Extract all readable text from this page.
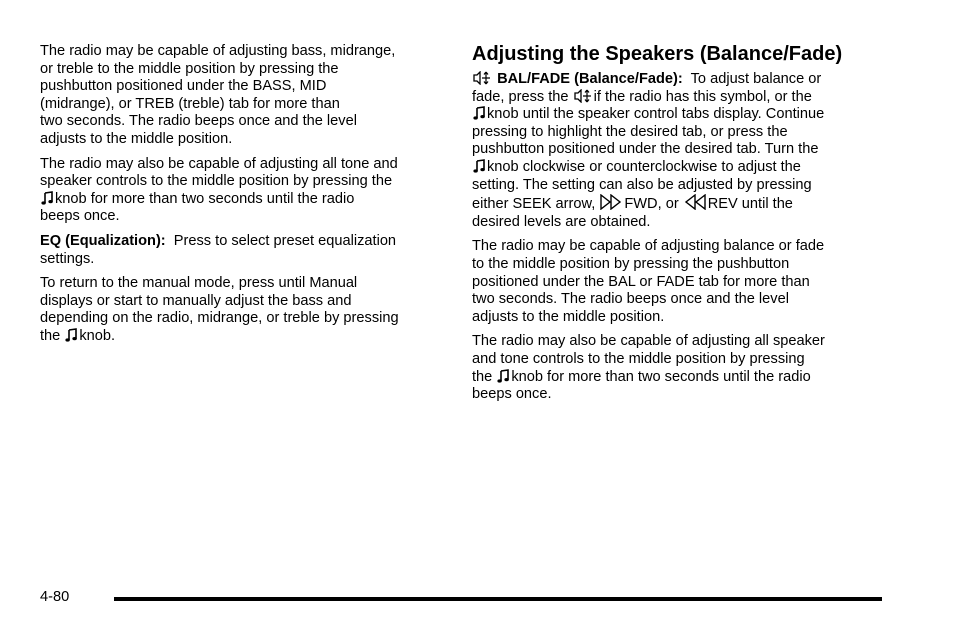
The radio may be capable of adjusting bass, midrange,
or treble to the middle position by pressing the
pushbutton positioned under the BASS, MID
(midrange), or TREB (treble) tab for more than
two seconds. The radio beeps once and the level
adjusts to the middle position.

The radio may also be capable of adjusting all tone and
speaker controls to the middle position by pressing the

knob for more than two seconds until the radio
beeps once.

EQ (Equalization): Press to select preset equalization
settings.

To return to the manual mode, press until Manual
displays or start to manually adjust the bass and
depending on the radio, midrange, or treble by pressing
the knob.

Adjusting the Speakers (Balance/Fade)

BAL/FADE (Balance/Fade): To adjust balance or
fade, press the if the radio has this symbol, or the

knob until the speaker control tabs display. Continue
pressing to highlight the desired tab, or press the
pushbutton positioned under the desired tab. Turn the

knob clockwise or counterclockwise to adjust the
setting. The setting can also be adjusted by pressing
either SEEK arrow, FWD, or REV until the
desired levels are obtained.

The radio may be capable of adjusting balance or fade
to the middle position by pressing the pushbutton
positioned under the BAL or FADE tab for more than
two seconds. The radio beeps once and the level
adjusts to the middle position.

The radio may also be capable of adjusting all speaker
and tone controls to the middle position by pressing
the knob for more than two seconds until the radio
beeps once.

4-80
